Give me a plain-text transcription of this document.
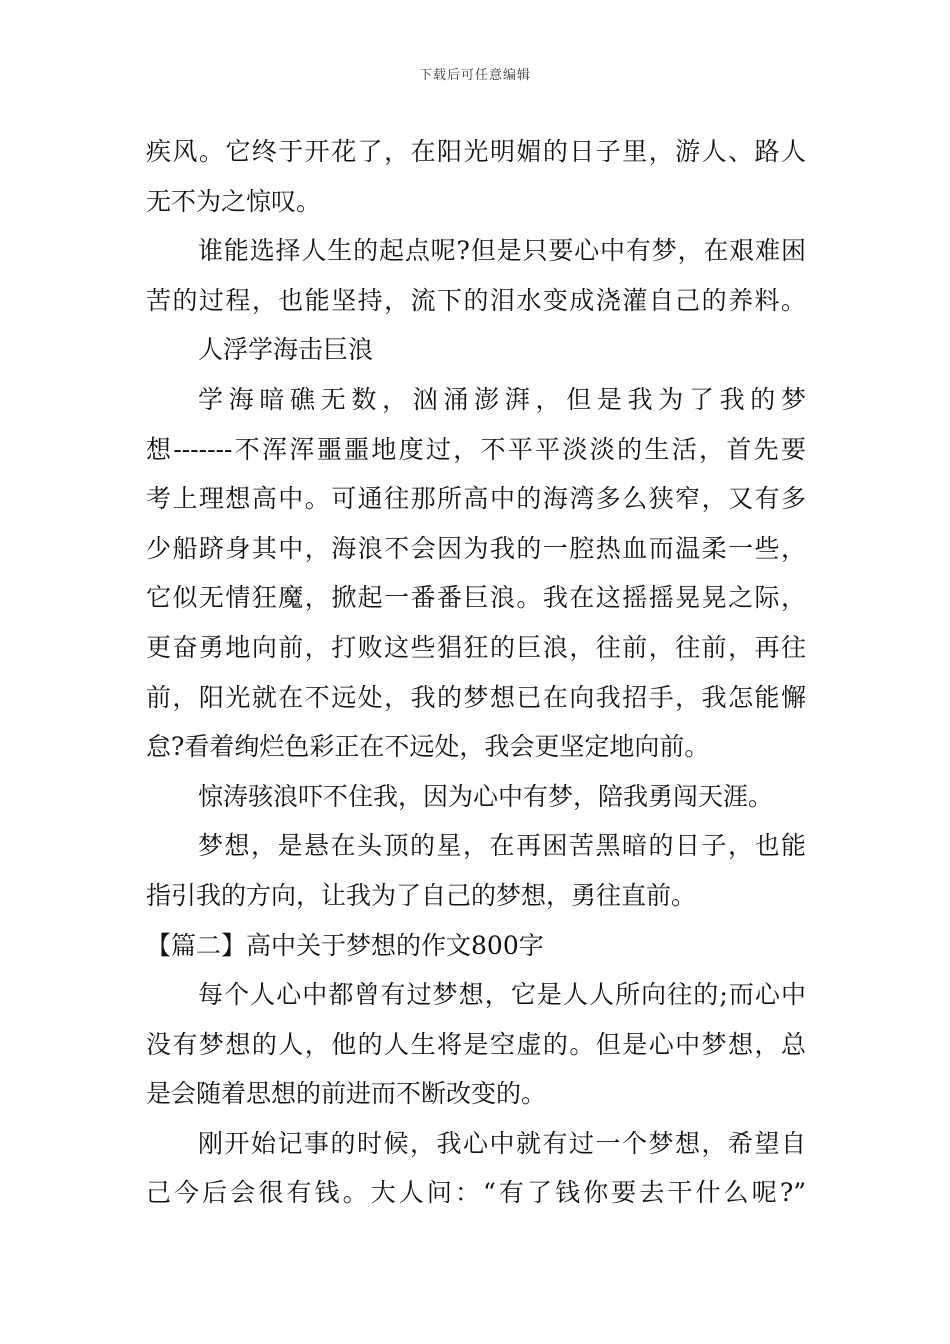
下载后可任意编辑
疾风。它终于开花了，在阳光明媚的日子里，游人、路人
无不为之惊叹。
谁能选择人生的起点呢?但是只要心中有梦，在艰难困
苦的过程，也能坚持，流下的泪水变成浇灌自己的养料。
人浮学海击巨浪
学海暗礁无数，汹涌澎湃，但是我为了我的梦
想-------不浑浑噩噩地度过，不平平淡淡的生活，首先要
考上理想高中。可通往那所高中的海湾多么狭窄，又有多
少船跻身其中，海浪不会因为我的一腔热血而温柔一些，
它似无情狂魔，掀起一番番巨浪。我在这摇摇晃晃之际，
更奋勇地向前，打败这些猖狂的巨浪，往前，往前，再往
前，阳光就在不远处，我的梦想已在向我招手，我怎能懈
怠?看着绚烂色彩正在不远处，我会更坚定地向前。
惊涛骇浪吓不住我，因为心中有梦，陪我勇闯天涯。
梦想，是悬在头顶的星，在再困苦黑暗的日子，也能
指引我的方向，让我为了自己的梦想，勇往直前。
【篇二】高中关于梦想的作文800字
每个人心中都曾有过梦想，它是人人所向往的;而心中
没有梦想的人，他的人生将是空虚的。但是心中梦想，总
是会随着思想的前进而不断改变的。
刚开始记事的时候，我心中就有过一个梦想，希望自
己今后会很有钱。大人问：“有了钱你要去干什么呢?”
